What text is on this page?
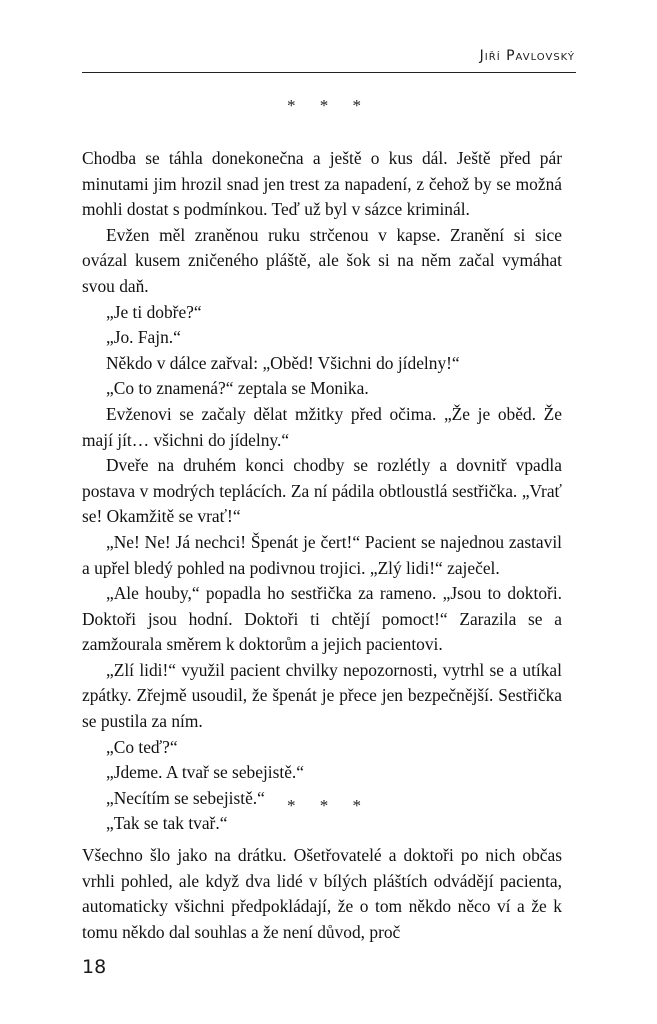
Jiří Pavlovský
* * *

Chodba se táhla donekonečna a ještě o kus dál. Ještě před pár minutami jim hrozil snad jen trest za napadení, z čehož by se možná mohli dostat s podmínkou. Teď už byl v sázce kriminál.

Evžen měl zraněnou ruku strčenou v kapse. Zranění si sice ovázal kusem zničeného pláště, ale šok si na něm začal vymáhat svou daň.

„Je ti dobře?“

„Jo. Fajn.“

Někdo v dálce zařval: „Oběd! Všichni do jídelny!“

„Co to znamená?“ zeptala se Monika.

Evženovi se začaly dělat mžitky před očima. „Že je oběd. Že mají jít… všichni do jídelny.“

Dveře na druhém konci chodby se rozlétly a dovnitř vpadla postava v modrých teplácích. Za ní pádila obtloustlá sestřička. „Vrať se! Okamžitě se vrať!“

„Ne! Ne! Já nechci! Špenát je čert!“ Pacient se najednou zastavil a upřel bledý pohled na podivnou trojici. „Zlý lidi!“ zaječel.

„Ale houby,“ popadla ho sestřička za rameno. „Jsou to doktoři. Doktoři jsou hodní. Doktoři ti chtějí pomoct!“ Zarazila se a zamžourala směrem k doktorům a jejich pacientovi.

„Zlí lidi!“ využil pacient chvilky nepozornosti, vytrhl se a utíkal zpátky. Zřejmě usoudil, že špenát je přece jen bezpečnější. Sestřička se pustila za ním.

„Co teď?“

„Jdeme. A tvař se sebejistě.“

„Necítím se sebejistě.“

„Tak se tak tvař.“

* * *

Všechno šlo jako na drátku. Ošetřovatelé a doktoři po nich občas vrhli pohled, ale když dva lidé v bílých pláštích odvádějí pacienta, automaticky všichni předpokládají, že o tom někdo něco ví a že k tomu někdo dal souhlas a že není důvod, proč

18
